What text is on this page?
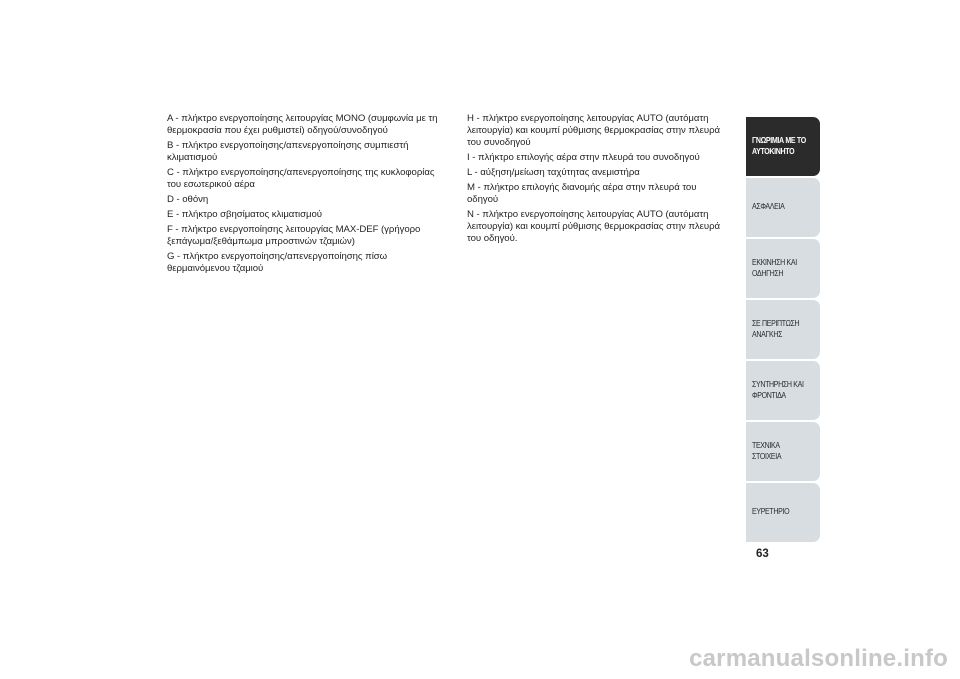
A - πλήκτρο ενεργοποίησης λειτουργίας MONO (συμφωνία με τη θερμοκρασία που έχει ρυθμιστεί) οδηγού/συνοδηγού

B - πλήκτρο ενεργοποίησης/απενεργοποίησης συμπιεστή κλιματισμού

C - πλήκτρο ενεργοποίησης/απενεργοποίησης της κυκλοφορίας του εσωτερικού αέρα

D - οθόνη

E - πλήκτρο σβησίματος κλιματισμού

F - πλήκτρο ενεργοποίησης λειτουργίας MAX-DEF (γρήγορο ξεπάγωμα/ξεθάμπωμα μπροστινών τζαμιών)

G - πλήκτρο ενεργοποίησης/απενεργοποίησης πίσω θερμαινόμενου τζαμιού

H - πλήκτρο ενεργοποίησης λειτουργίας AUTO (αυτόματη λειτουργία) και κουμπί ρύθμισης θερμοκρασίας στην πλευρά του συνοδηγού

I - πλήκτρο επιλογής αέρα στην πλευρά του συνοδηγού

L - αύξηση/μείωση ταχύτητας ανεμιστήρα

M - πλήκτρο επιλογής διανομής αέρα στην πλευρά του οδηγού

N - πλήκτρο ενεργοποίησης λειτουργίας AUTO (αυτόματη λειτουργία) και κουμπί ρύθμισης θερμοκρασίας στην πλευρά του οδηγού.

ΓΝΩΡΙΜΙΑ ΜΕ ΤΟ
ΑΥΤΟΚΙΝΗΤΟ
ΑΣΦΑΛΕΙΑ
ΕΚΚΙΝΗΣΗ ΚΑΙ
ΟΔΗΓΗΣΗ
ΣΕ ΠΕΡΙΠΤΩΣΗ
ΑΝΑΓΚΗΣ
ΣΥΝΤΗΡΗΣΗ ΚΑΙ
ΦΡΟΝΤΙΔΑ
ΤΕΧΝΙΚΑ ΣΤΟΙΧΕΙΑ
ΕΥΡΕΤΗΡΙΟ
63
carmanualsonline.info
